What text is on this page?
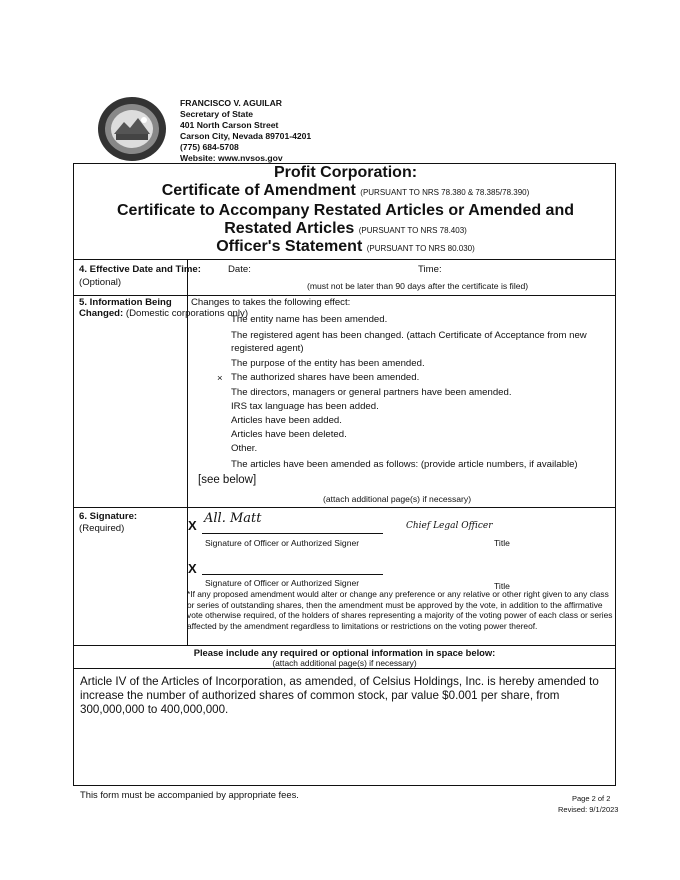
FRANCISCO V. AGUILAR
Secretary of State
401 North Carson Street
Carson City, Nevada 89701-4201
(775) 684-5708
Website: www.nvsos.gov
Profit Corporation:
Certificate of Amendment (PURSUANT TO NRS 78.380 & 78.385/78.390)
Certificate to Accompany Restated Articles or Amended and
Restated Articles (PURSUANT TO NRS 78.403)
Officer's Statement (PURSUANT TO NRS 80.030)
4. Effective Date and Time:
(Optional)
Date:	Time:
(must not be later than 90 days after the certificate is filed)
5. Information Being
Changed: (Domestic corporations only)
Changes to takes the following effect:
The entity name has been amended.
The registered agent has been changed. (attach Certificate of Acceptance from new
registered agent)
The purpose of the entity has been amended.
× The authorized shares have been amended.
The directors, managers or general partners have been amended.
IRS tax language has been added.
Articles have been added.
Articles have been deleted.
Other.
The articles have been amended as follows: (provide article numbers, if available)
[see below]
(attach additional page(s) if necessary)
6. Signature:
(Required)	X All. Matt	Chief Legal Officer
Signature of Officer or Authorized Signer	Title
X
Signature of Officer or Authorized Signer	Title
*If any proposed amendment would alter or change any preference or any relative or other right given to any class or series of outstanding shares, then the amendment must be approved by the vote, in addition to the affirmative vote otherwise required, of the holders of shares representing a majority of the voting power of each class or series affected by the amendment regardless to limitations or restrictions on the voting power thereof.
Please include any required or optional information in space below:
(attach additional page(s) if necessary)
Article IV of the Articles of Incorporation, as amended, of Celsius Holdings, Inc. is hereby amended to increase the number of authorized shares of common stock, par value $0.001 per share, from 300,000,000 to 400,000,000.
This form must be accompanied by appropriate fees.	Page 2 of 2
Revised: 9/1/2023
